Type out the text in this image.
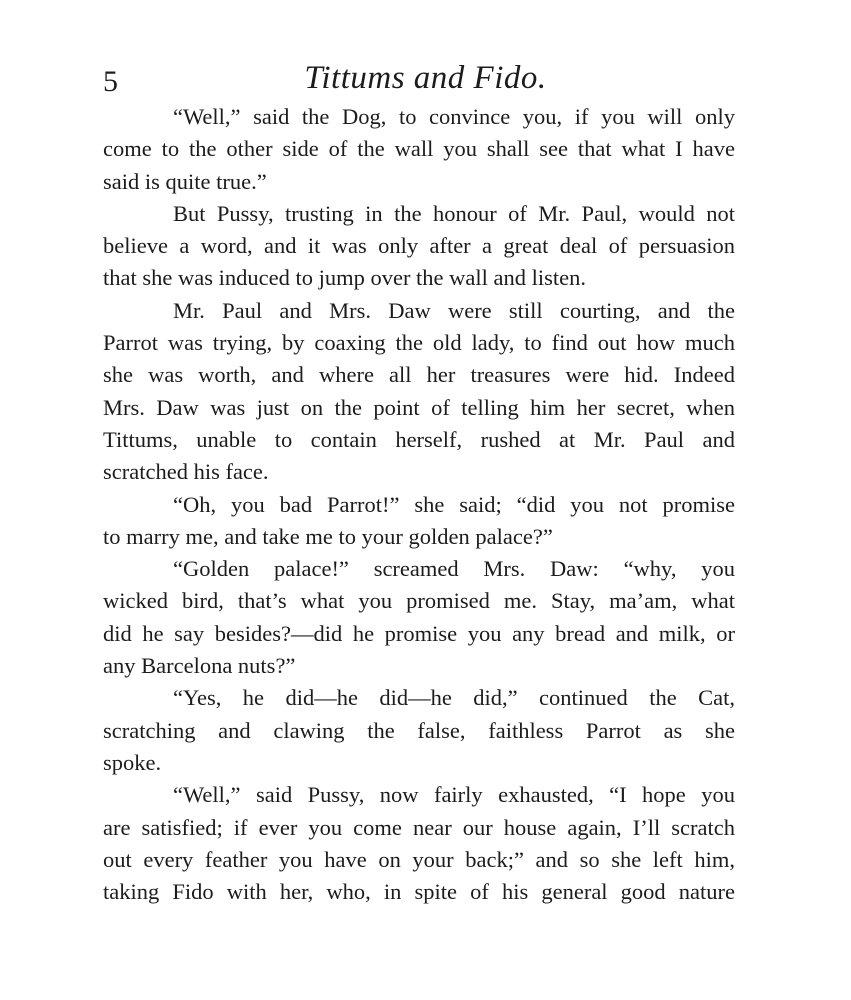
5	Tittums and Fido.
“Well,” said the Dog, to convince you, if you will only
come to the other side of the wall you shall see that what I have
said is quite true.”
But Pussy, trusting in the honour of Mr. Paul, would not
believe a word, and it was only after a great deal of persuasion
that she was induced to jump over the wall and listen.
Mr. Paul and Mrs. Daw were still courting, and the
Parrot was trying, by coaxing the old lady, to find out how much
she was worth, and where all her treasures were hid. Indeed
Mrs. Daw was just on the point of telling him her secret, when
Tittums, unable to contain herself, rushed at Mr. Paul and
scratched his face.
“Oh, you bad Parrot!” she said; “did you not promise
to marry me, and take me to your golden palace?”
“Golden palace!” screamed Mrs. Daw: “why, you
wicked bird, that’s what you promised me. Stay, ma’am, what
did he say besides?—did he promise you any bread and milk, or
any Barcelona nuts?”
“Yes, he did—he did—he did,” continued the Cat,
scratching and clawing the false, faithless Parrot as she
spoke.
“Well,” said Pussy, now fairly exhausted, “I hope you
are satisfied; if ever you come near our house again, I’ll scratch
out every feather you have on your back;” and so she left him,
taking Fido with her, who, in spite of his general good nature
